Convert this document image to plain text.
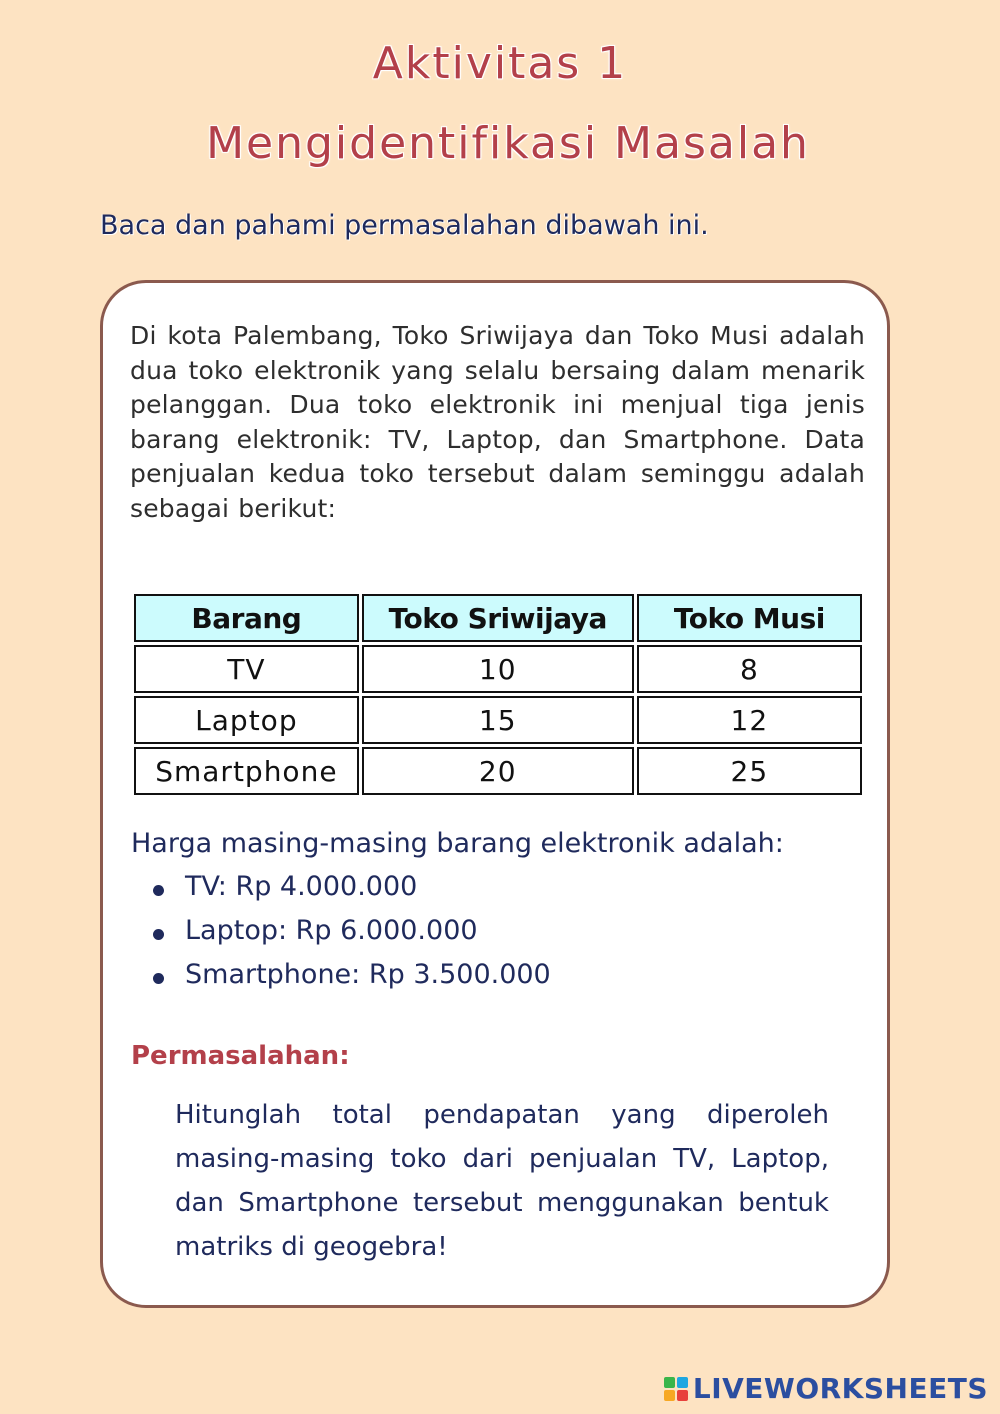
Aktivitas 1
Mengidentifikasi Masalah
Baca dan pahami permasalahan dibawah ini.

Di kota Palembang, Toko Sriwijaya dan Toko Musi adalah dua toko elektronik yang selalu bersaing dalam menarik pelanggan. Dua toko elektronik ini menjual tiga jenis barang elektronik: TV, Laptop, dan Smartphone. Data penjualan kedua toko tersebut dalam seminggu adalah sebagai berikut:

Barang	Toko Sriwijaya	Toko Musi
TV	10	8
Laptop	15	12
Smartphone	20	25
Harga masing-masing barang elektronik adalah:
TV: Rp 4.000.000
Laptop: Rp 6.000.000
Smartphone: Rp 3.500.000
Permasalahan:

Hitunglah total pendapatan yang diperoleh masing-masing toko dari penjualan TV, Laptop, dan Smartphone tersebut menggunakan bentuk matriks di geogebra!

LIVEWORKSHEETS
